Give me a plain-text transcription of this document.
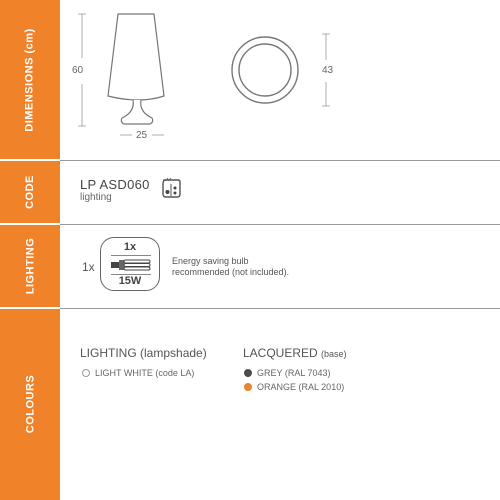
DIMENSIONS (cm)
CODE
LIGHTING
COLOURS
60
25
43
LP ASD060
lighting
1x
1x
15W
Energy saving bulb
recommended (not included).
LIGHTING (lampshade)
LIGHT WHITE (code LA)
LACQUERED (base)
GREY (RAL 7043)
ORANGE (RAL 2010)
